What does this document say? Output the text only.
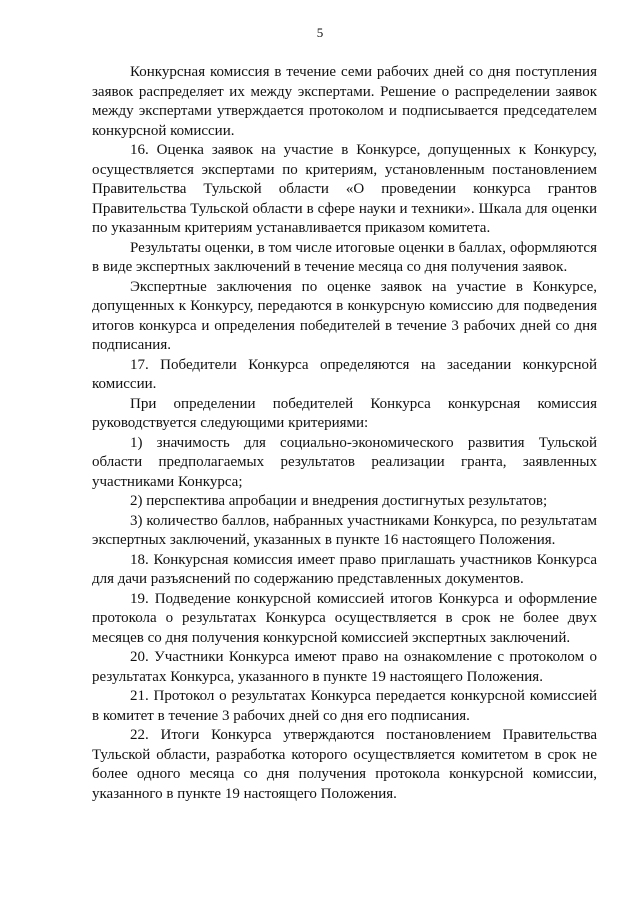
5

Конкурсная комиссия в течение семи рабочих дней со дня поступления заявок распределяет их между экспертами. Решение о распределении заявок между экспертами утверждается протоколом и подписывается председателем конкурсной комиссии.

16. Оценка заявок на участие в Конкурсе, допущенных к Конкурсу, осуществляется экспертами по критериям, установленным постановлением Правительства Тульской области «О проведении конкурса грантов Правительства Тульской области в сфере науки и техники». Шкала для оценки по указанным критериям устанавливается приказом комитета.

Результаты оценки, в том числе итоговые оценки в баллах, оформляются в виде экспертных заключений в течение месяца со дня получения заявок.

Экспертные заключения по оценке заявок на участие в Конкурсе, допущенных к Конкурсу, передаются в конкурсную комиссию для подведения итогов конкурса и определения победителей в течение 3 рабочих дней со дня подписания.

17. Победители Конкурса определяются на заседании конкурсной комиссии.

При определении победителей Конкурса конкурсная комиссия руководствуется следующими критериями:

1) значимость для социально-экономического развития Тульской области предполагаемых результатов реализации гранта, заявленных участниками Конкурса;

2) перспектива апробации и внедрения достигнутых результатов;

3) количество баллов, набранных участниками Конкурса, по результатам экспертных заключений, указанных в пункте 16 настоящего Положения.

18. Конкурсная комиссия имеет право приглашать участников Конкурса для дачи разъяснений по содержанию представленных документов.

19. Подведение конкурсной комиссией итогов Конкурса и оформление протокола о результатах Конкурса осуществляется в срок не более двух месяцев со дня получения конкурсной комиссией экспертных заключений.

20. Участники Конкурса имеют право на ознакомление с протоколом о результатах Конкурса, указанного в пункте 19 настоящего Положения.

21. Протокол о результатах Конкурса передается конкурсной комиссией в комитет в течение 3 рабочих дней со дня его подписания.

22. Итоги Конкурса утверждаются постановлением Правительства Тульской области, разработка которого осуществляется комитетом в срок не более одного месяца со дня получения протокола конкурсной комиссии, указанного в пункте 19 настоящего Положения.
